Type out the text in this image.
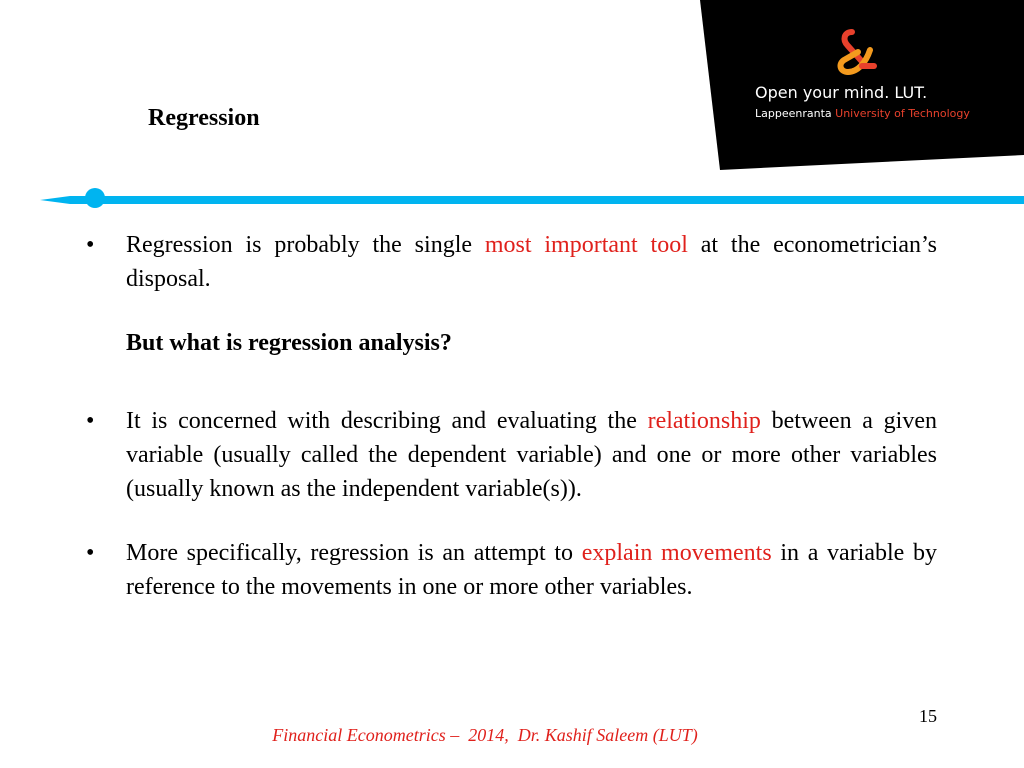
Regression
Open your mind. LUT.
Lappeenranta University of Technology
•	Regression is probably the single most important tool at the econometrician’s disposal.
But what is regression analysis?
•	It is concerned with describing and evaluating the relationship between a given variable (usually called the dependent variable) and one or more other variables (usually known as the independent variable(s)).
•	More specifically, regression is an attempt to explain movements in a variable by reference to the movements in one or more other variables.
15
Financial Econometrics –  2014,  Dr. Kashif Saleem (LUT)
